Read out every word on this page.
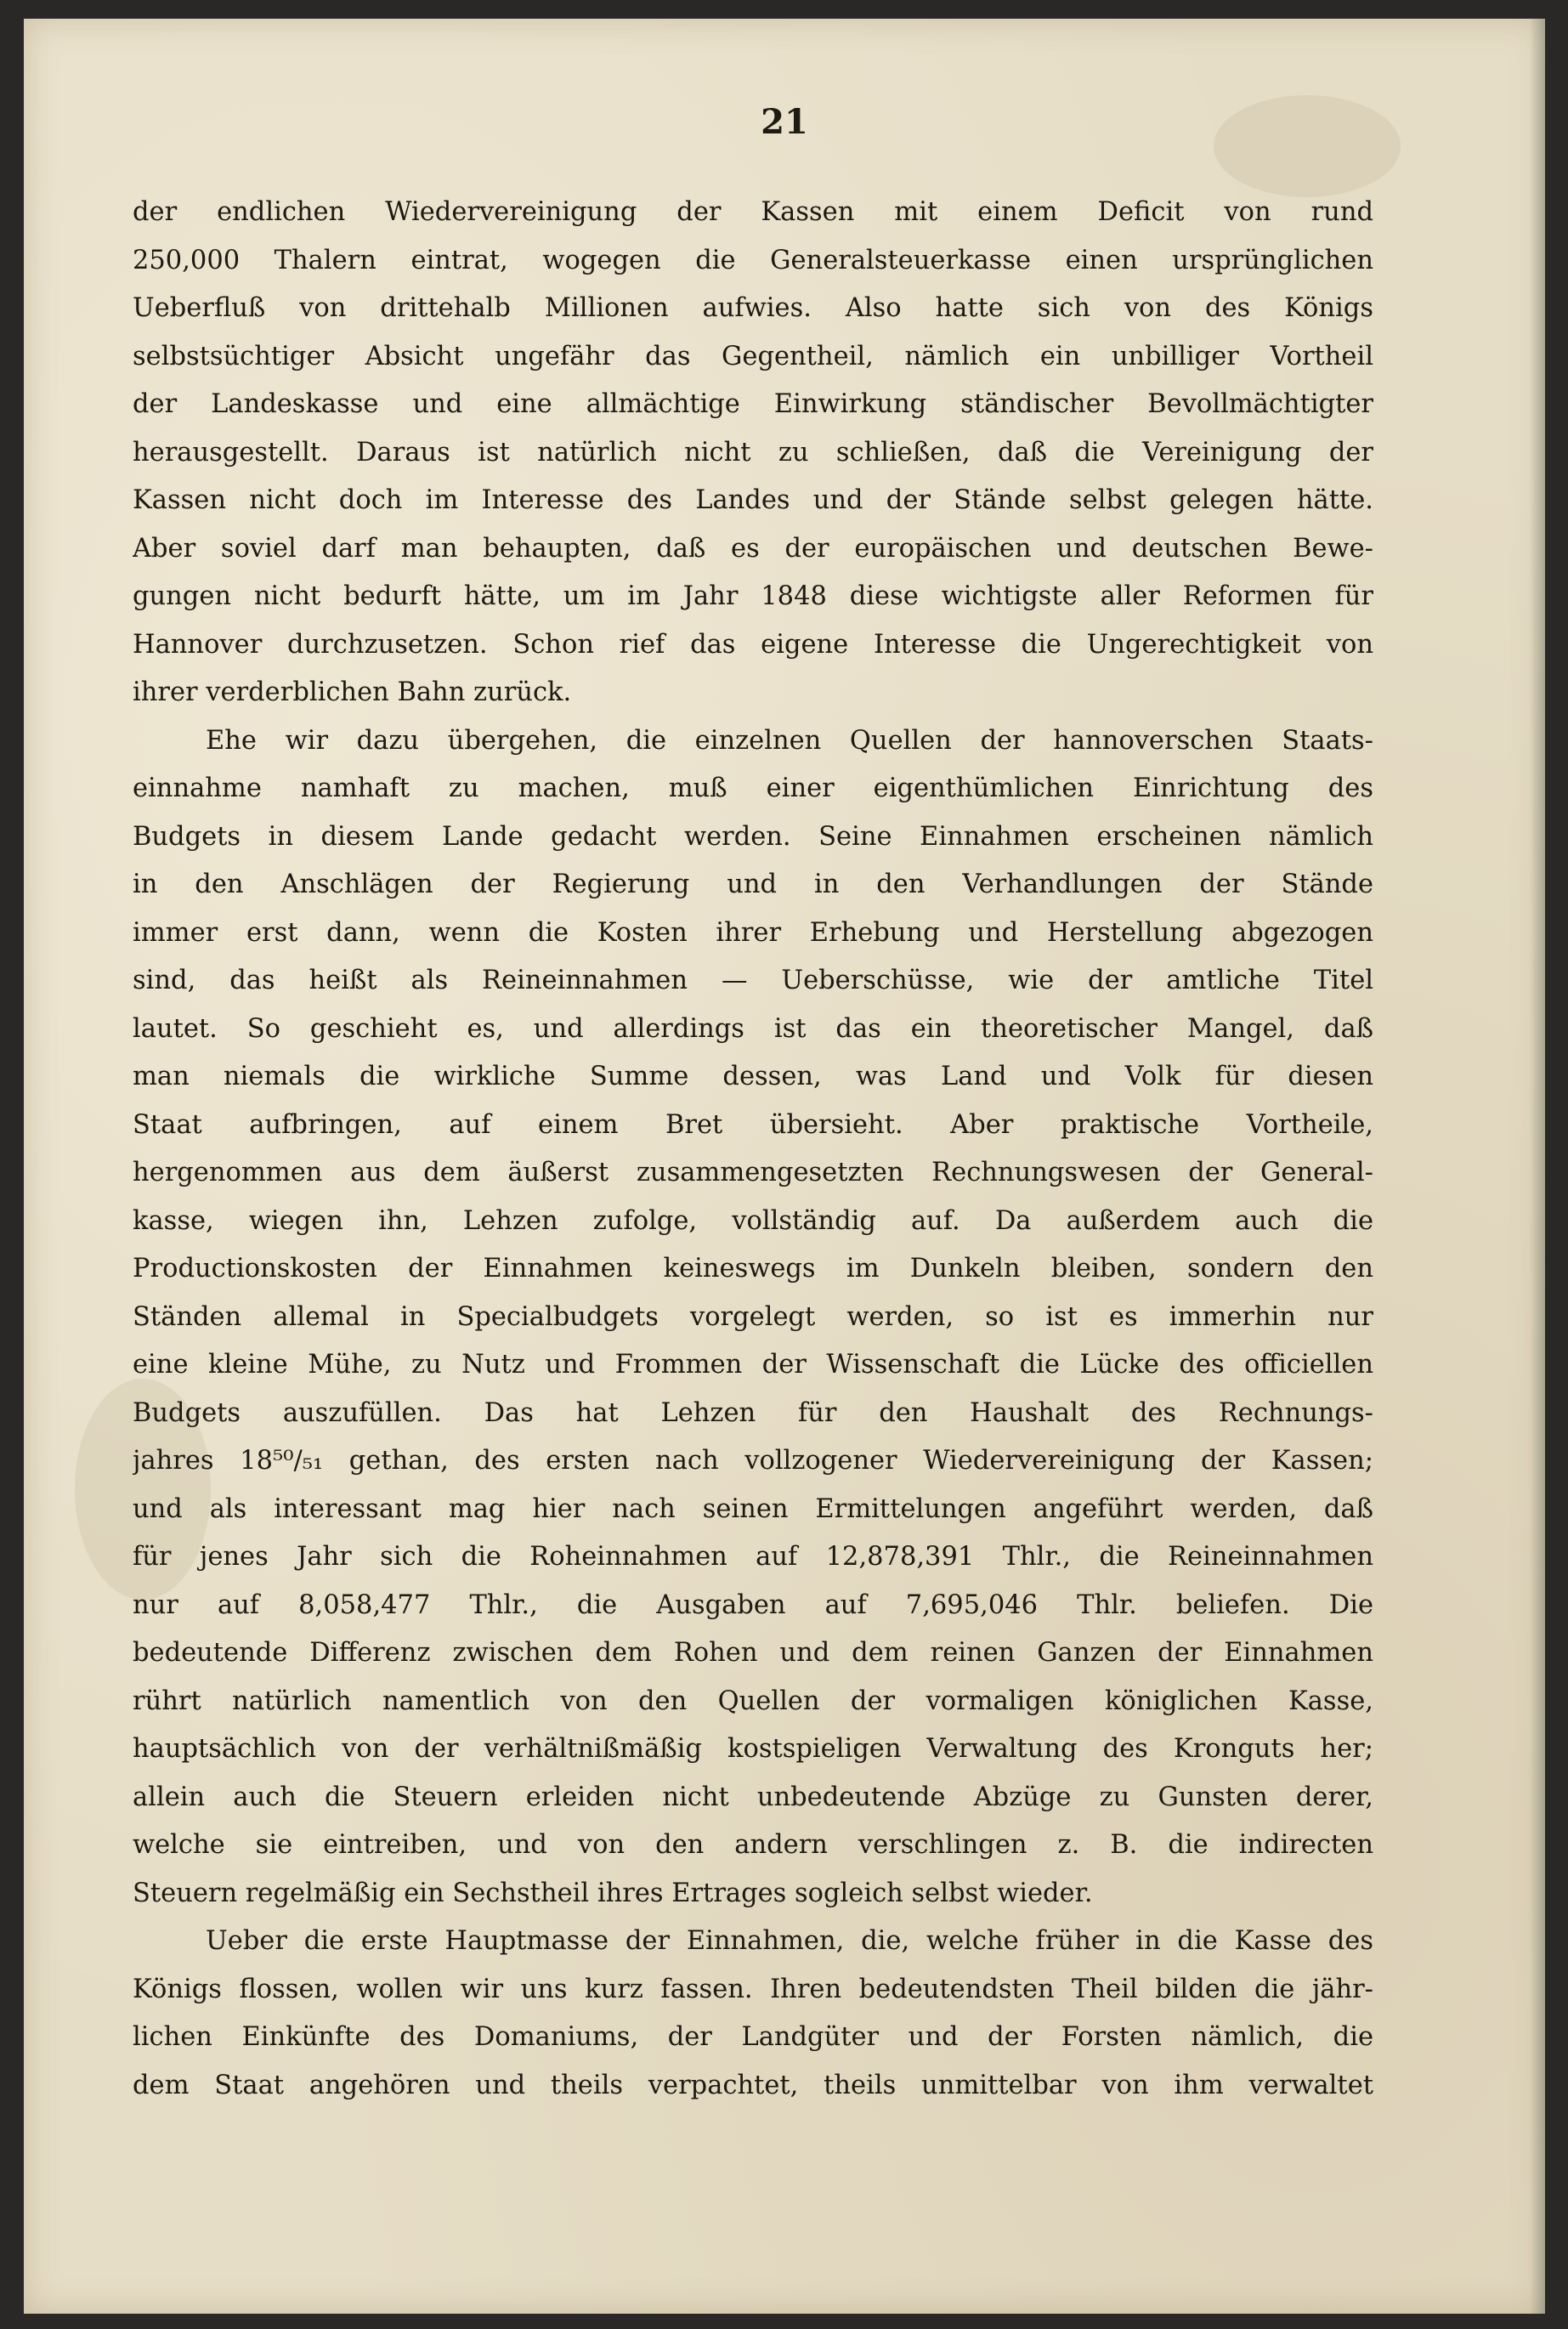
21
der endlichen Wiedervereinigung der Kassen mit einem Deficit von rund
250,000 Thalern eintrat, wogegen die Generalsteuerkasse einen ursprünglichen
Ueberfluß von drittehalb Millionen aufwies. Also hatte sich von des Königs
selbstsüchtiger Absicht ungefähr das Gegentheil, nämlich ein unbilliger Vortheil
der Landeskasse und eine allmächtige Einwirkung ständischer Bevollmächtigter
herausgestellt. Daraus ist natürlich nicht zu schließen, daß die Vereinigung der
Kassen nicht doch im Interesse des Landes und der Stände selbst gelegen hätte.
Aber soviel darf man behaupten, daß es der europäischen und deutschen Bewe-
gungen nicht bedurft hätte, um im Jahr 1848 diese wichtigste aller Reformen für
Hannover durchzusetzen. Schon rief das eigene Interesse die Ungerechtigkeit von
ihrer verderblichen Bahn zurück.
Ehe wir dazu übergehen, die einzelnen Quellen der hannoverschen Staats-
einnahme namhaft zu machen, muß einer eigenthümlichen Einrichtung des
Budgets in diesem Lande gedacht werden. Seine Einnahmen erscheinen nämlich
in den Anschlägen der Regierung und in den Verhandlungen der Stände
immer erst dann, wenn die Kosten ihrer Erhebung und Herstellung abgezogen
sind, das heißt als Reineinnahmen — Ueberschüsse, wie der amtliche Titel
lautet. So geschieht es, und allerdings ist das ein theoretischer Mangel, daß
man niemals die wirkliche Summe dessen, was Land und Volk für diesen
Staat aufbringen, auf einem Bret übersieht. Aber praktische Vortheile,
hergenommen aus dem äußerst zusammengesetzten Rechnungswesen der General-
kasse, wiegen ihn, Lehzen zufolge, vollständig auf. Da außerdem auch die
Productionskosten der Einnahmen keineswegs im Dunkeln bleiben, sondern den
Ständen allemal in Specialbudgets vorgelegt werden, so ist es immerhin nur
eine kleine Mühe, zu Nutz und Frommen der Wissenschaft die Lücke des officiellen
Budgets auszufüllen. Das hat Lehzen für den Haushalt des Rechnungs-
jahres 18⁵⁰/₅₁ gethan, des ersten nach vollzogener Wiedervereinigung der Kassen;
und als interessant mag hier nach seinen Ermittelungen angeführt werden, daß
für jenes Jahr sich die Roheinnahmen auf 12,878,391 Thlr., die Reineinnahmen
nur auf 8,058,477 Thlr., die Ausgaben auf 7,695,046 Thlr. beliefen. Die
bedeutende Differenz zwischen dem Rohen und dem reinen Ganzen der Einnahmen
rührt natürlich namentlich von den Quellen der vormaligen königlichen Kasse,
hauptsächlich von der verhältnißmäßig kostspieligen Verwaltung des Kronguts her;
allein auch die Steuern erleiden nicht unbedeutende Abzüge zu Gunsten derer,
welche sie eintreiben, und von den andern verschlingen z. B. die indirecten
Steuern regelmäßig ein Sechstheil ihres Ertrages sogleich selbst wieder.
Ueber die erste Hauptmasse der Einnahmen, die, welche früher in die Kasse des
Königs flossen, wollen wir uns kurz fassen. Ihren bedeutendsten Theil bilden die jähr-
lichen Einkünfte des Domaniums, der Landgüter und der Forsten nämlich, die
dem Staat angehören und theils verpachtet, theils unmittelbar von ihm verwaltet
